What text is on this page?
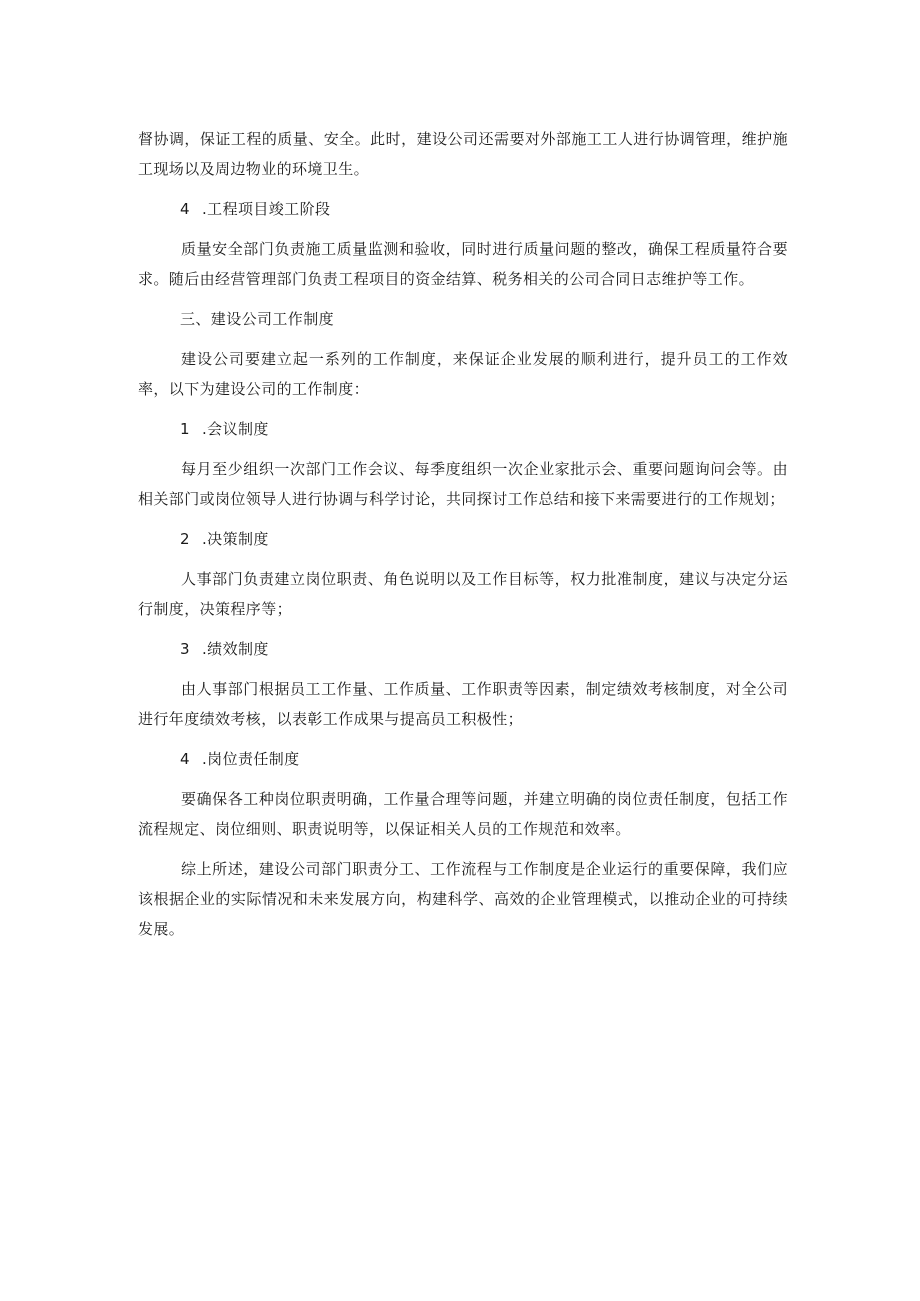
督协调，保证工程的质量、安全。此时，建设公司还需要对外部施工工人进行协调管理，维护施工现场以及周边物业的环境卫生。

4 .工程项目竣工阶段

质量安全部门负责施工质量监测和验收，同时进行质量问题的整改，确保工程质量符合要求。随后由经营管理部门负责工程项目的资金结算、税务相关的公司合同日志维护等工作。

三、建设公司工作制度

建设公司要建立起一系列的工作制度，来保证企业发展的顺利进行，提升员工的工作效率，以下为建设公司的工作制度：

1 .会议制度

每月至少组织一次部门工作会议、每季度组织一次企业家批示会、重要问题询问会等。由相关部门或岗位领导人进行协调与科学讨论，共同探讨工作总结和接下来需要进行的工作规划；

2 .决策制度

人事部门负责建立岗位职责、角色说明以及工作目标等，权力批准制度，建议与决定分运行制度，决策程序等；

3 .绩效制度

由人事部门根据员工工作量、工作质量、工作职责等因素，制定绩效考核制度，对全公司进行年度绩效考核，以表彰工作成果与提高员工积极性；

4 .岗位责任制度

要确保各工种岗位职责明确，工作量合理等问题，并建立明确的岗位责任制度，包括工作流程规定、岗位细则、职责说明等，以保证相关人员的工作规范和效率。

综上所述，建设公司部门职责分工、工作流程与工作制度是企业运行的重要保障，我们应该根据企业的实际情况和未来发展方向，构建科学、高效的企业管理模式，以推动企业的可持续发展。
